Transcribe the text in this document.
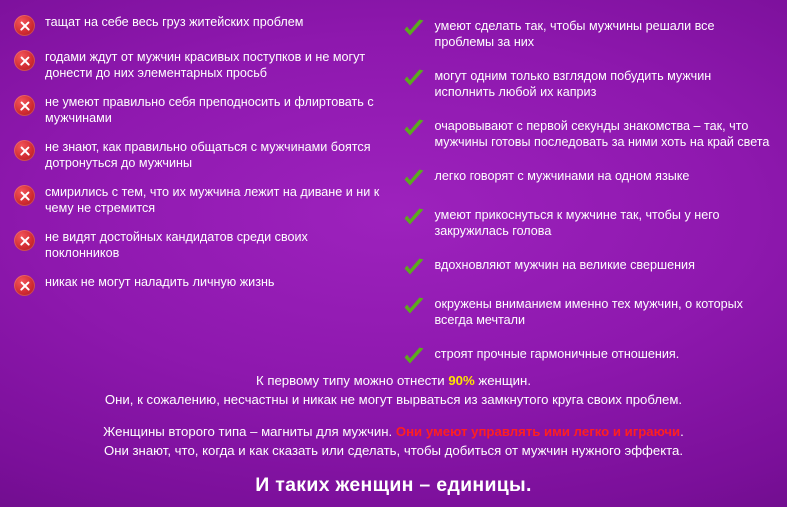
тащат на себе весь груз житейских проблем
годами ждут от мужчин красивых поступков и не могут донести до них элементарных просьб
не умеют правильно себя преподносить и флиртовать с мужчинами
не знают, как правильно общаться с мужчинами боятся дотронуться до мужчины
смирились с тем, что их мужчина лежит на диване и ни к чему не стремится
не видят достойных кандидатов среди своих поклонников
никак не могут наладить личную жизнь
умеют сделать так, чтобы мужчины решали все проблемы за них
могут одним только взглядом побудить мужчин исполнить любой их каприз
очаровывают с первой секунды знакомства – так, что мужчины готовы последовать за ними хоть на край света
легко говорят с мужчинами на одном языке
умеют прикоснуться к мужчине так, чтобы у него закружилась голова
вдохновляют мужчин на великие свершения
окружены вниманием именно тех мужчин, о которых всегда мечтали
строят прочные гармоничные отношения.
К первому типу можно отнести 90% женщин.
Они, к сожалению, несчастны и никак не могут вырваться из замкнутого круга своих проблем.
Женщины второго типа – магниты для мужчин. Они умеют управлять ими легко и играючи.
Они знают, что, когда и как сказать или сделать, чтобы добиться от мужчин нужного эффекта.
И таких женщин – единицы.
